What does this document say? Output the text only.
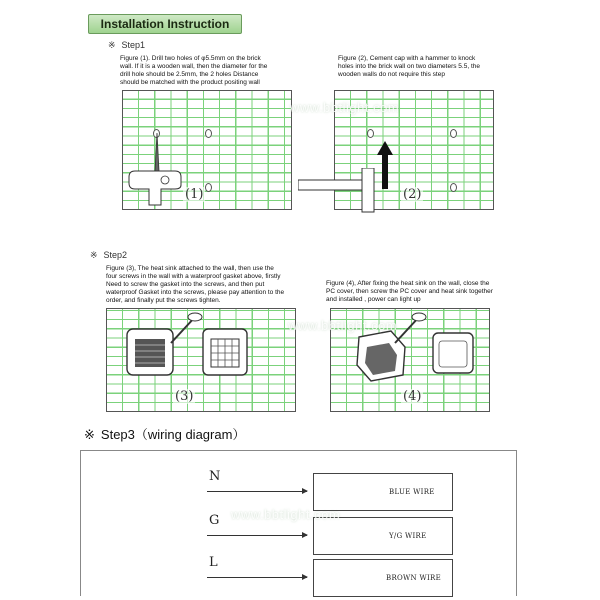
Installation Instruction
※ Step1
Figure (1). Drill two holes of φ5.5mm on the brick
wall. If it is a wooden wall, then the diameter for the
drill hole should be 2.5mm, the 2 holes Distance
should be matched with the product positing wall
Figure (2), Cement cap with a hammer to knock
holes into the brick wall on two diameters 5.5, the
wooden walls do not require this step
(1)	(2)
www.bbtlight.com
※ Step2
Figure (3), The heat sink attached to the wall, then use the
four screws in the wall with a waterproof gasket above, firstly
Need to screw the gasket into the screws, and then put
waterproof Gasket into the screws, please pay attention to the
order, and finally put the screws tighten.
Figure (4), After fixing the heat sink on the wall, close the
PC cover, then screw the PC cover and heat sink together
and installed , power can light up
(3)	(4)
www.bbtlight.com
※ Step3（wiring diagram）
N
BLUE WIRE
G
Y/G WIRE
L
BROWN WIRE
www.bbtlight.com
